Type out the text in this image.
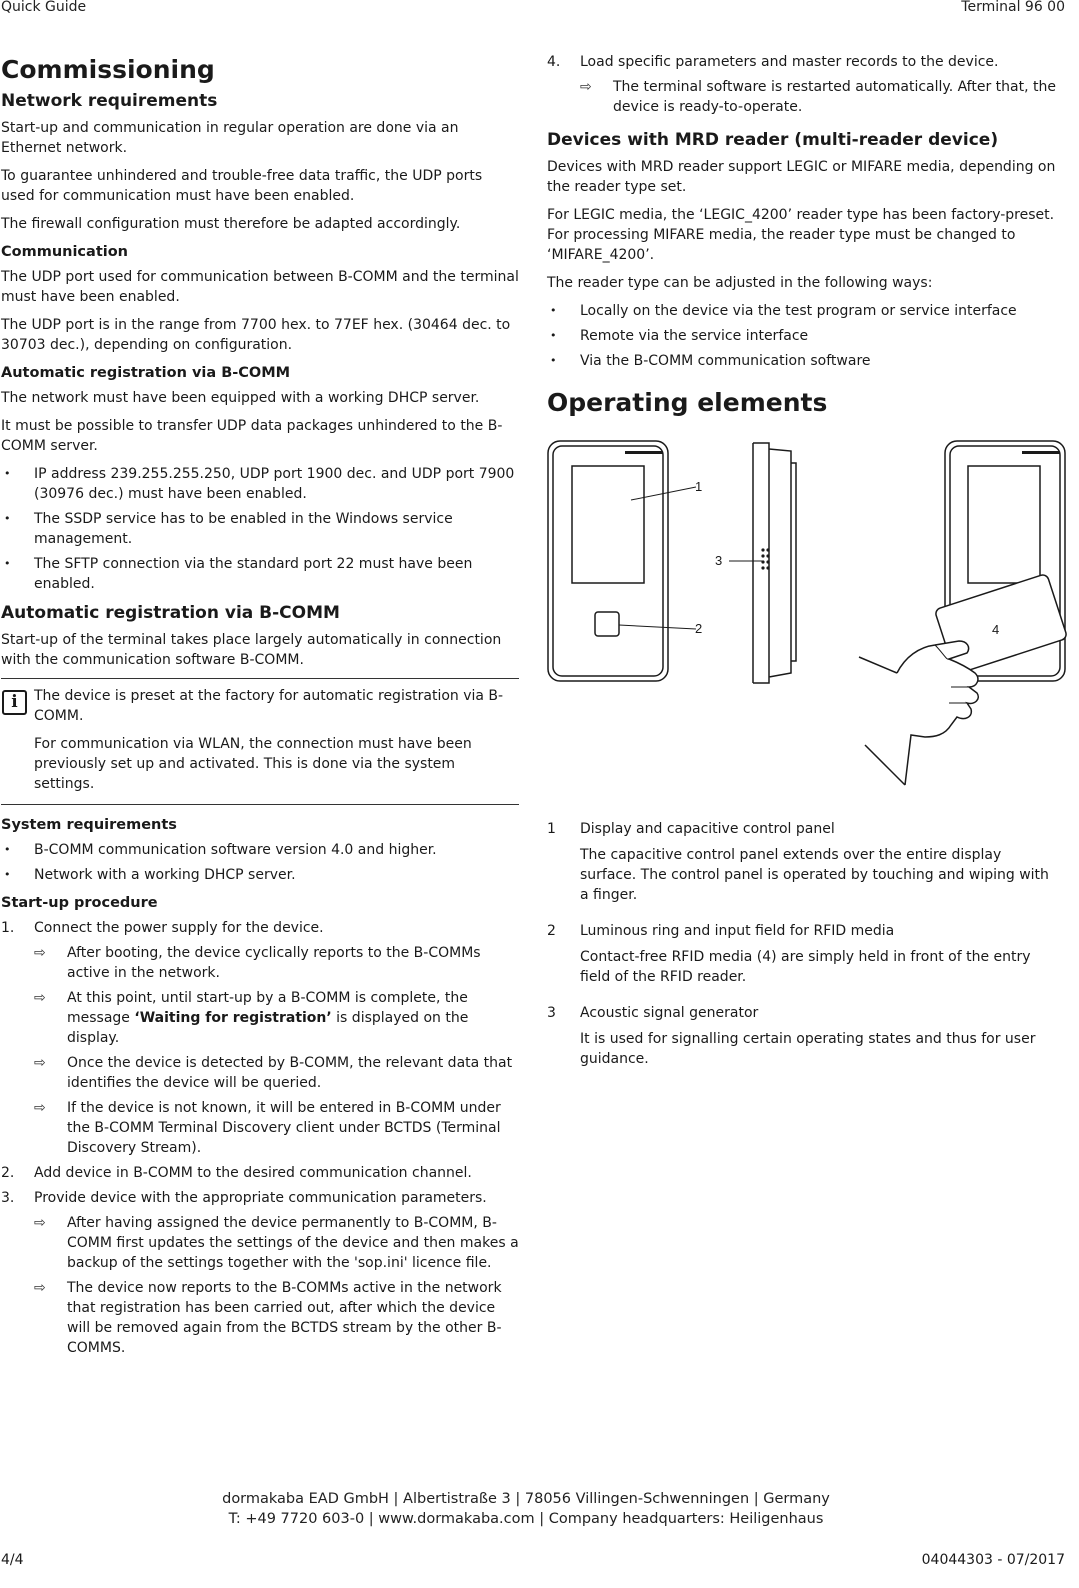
Quick Guide	Terminal 96 00
Commissioning
Network requirements

Start-up and communication in regular operation are done via an Ethernet network.

To guarantee unhindered and trouble-free data traffic, the UDP ports used for communication must have been enabled.

The firewall configuration must therefore be adapted accordingly.

Communication

The UDP port used for communication between B-COMM and the terminal must have been enabled.

The UDP port is in the range from 7700 hex. to 77EF hex. (30464 dec. to 30703 dec.), depending on configuration.

Automatic registration via B-COMM

The network must have been equipped with a working DHCP server.

It must be possible to transfer UDP data packages unhindered to the B-COMM server.

• IP address 239.255.255.250, UDP port 1900 dec. and UDP port 7900 (30976 dec.) must have been enabled.
• The SSDP service has to be enabled in the Windows service management.
• The SFTP connection via the standard port 22 must have been enabled.
Automatic registration via B-COMM

Start-up of the terminal takes place largely automatically in connection with the communication software B-COMM.

i	The device is preset at the factory for automatic registration via B-COMM.

For communication via WLAN, the connection must have been previously set up and activated. This is done via the system settings.

System requirements
• B-COMM communication software version 4.0 and higher.
• Network with a working DHCP server.
Start-up procedure
1. Connect the power supply for the device.
⇨ After booting, the device cyclically reports to the B-COMMs active in the network.
⇨ At this point, until start-up by a B-COMM is complete, the message ‘Waiting for registration’ is displayed on the display.
⇨ Once the device is detected by B-COMM, the relevant data that identifies the device will be queried.
⇨ If the device is not known, it will be entered in B-COMM under the B-COMM Terminal Discovery client under BCTDS (Terminal Discovery Stream).
2. Add device in B-COMM to the desired communication channel.
3. Provide device with the appropriate communication parameters.
⇨ After having assigned the device permanently to B-COMM, B-COMM first updates the settings of the device and then makes a backup of the settings together with the 'sop.ini' licence file.
⇨ The device now reports to the B-COMMs active in the network that registration has been carried out, after which the device will be removed again from the BCTDS stream by the other B-COMMS.
4. Load specific parameters and master records to the device.
⇨ The terminal software is restarted automatically. After that, the device is ready-to-operate.
Devices with MRD reader (multi-reader device)

Devices with MRD reader support LEGIC or MIFARE media, depending on the reader type set.

For LEGIC media, the ‘LEGIC_4200’ reader type has been factory-preset. For processing MIFARE media, the reader type must be changed to ‘MIFARE_4200’.

The reader type can be adjusted in the following ways:

• Locally on the device via the test program or service interface
• Remote via the service interface
• Via the B-COMM communication software
Operating elements
1
2
3
4
1	Display and capacitive control panel

The capacitive control panel extends over the entire display surface. The control panel is operated by touching and wiping with a finger.

2	Luminous ring and input field for RFID media

Contact-free RFID media (4) are simply held in front of the entry field of the RFID reader.

3	Acoustic signal generator

It is used for signalling certain operating states and thus for user guidance.

dormakaba EAD GmbH | Albertistraße 3 | 78056 Villingen-Schwenningen | Germany
T: +49 7720 603-0 | www.dormakaba.com | Company headquarters: Heiligenhaus
4/4	04044303 - 07/2017
